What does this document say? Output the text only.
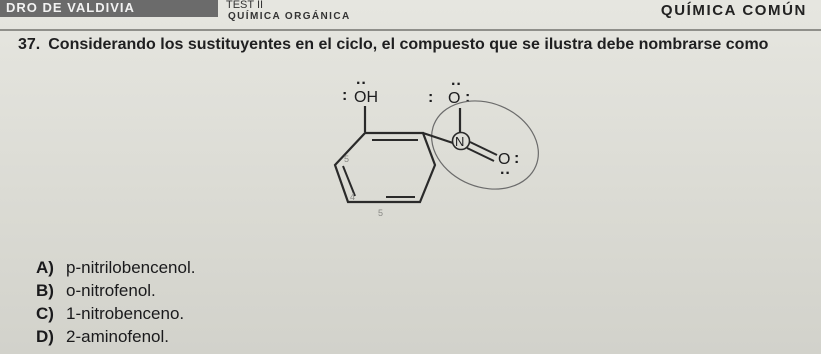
DRO DE VALDIVIA	TEST II
QUÍMICA ORGÁNICA	QUÍMICA COMÚN
37. Considerando los sustituyentes en el ciclo, el compuesto que se ilustra debe nombrarse como
:
··
OH	:
··
O :
N
O :
··
5
4
5
A) p-nitrilobencenol.
B) o-nitrofenol.
C) 1-nitrobenceno.
D) 2-aminofenol.
